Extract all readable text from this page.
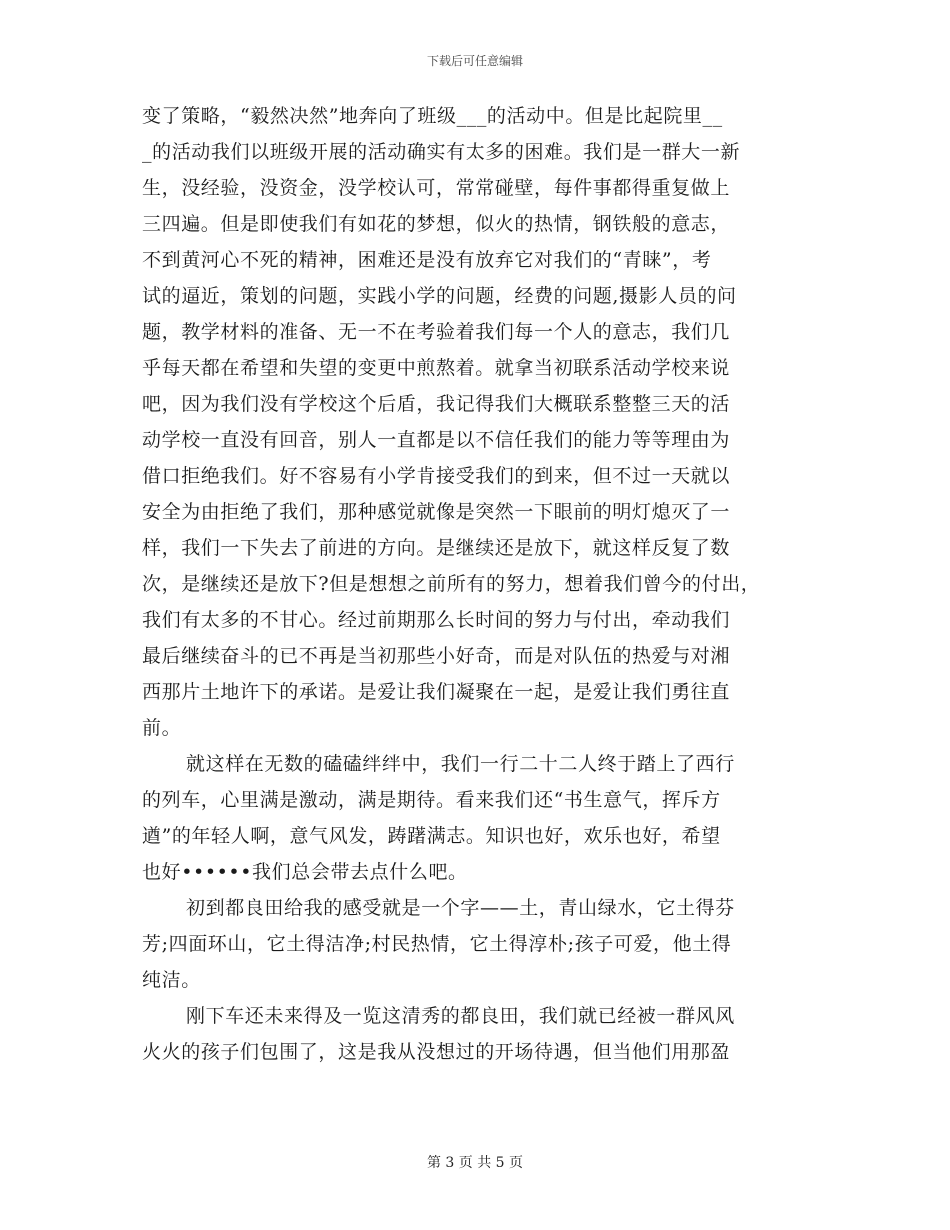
下载后可任意编辑
变了策略，“毅然决然”地奔向了班级___的活动中。但是比起院里__
_的活动我们以班级开展的活动确实有太多的困难。我们是一群大一新
生，没经验，没资金，没学校认可，常常碰壁，每件事都得重复做上
三四遍。但是即使我们有如花的梦想，似火的热情，钢铁般的意志，
不到黄河心不死的精神，困难还是没有放弃它对我们的“青睐”，考
试的逼近，策划的问题，实践小学的问题，经费的问题,摄影人员的问
题，教学材料的准备、无一不在考验着我们每一个人的意志，我们几
乎每天都在希望和失望的变更中煎熬着。就拿当初联系活动学校来说
吧，因为我们没有学校这个后盾，我记得我们大概联系整整三天的活
动学校一直没有回音，别人一直都是以不信任我们的能力等等理由为
借口拒绝我们。好不容易有小学肯接受我们的到来，但不过一天就以
安全为由拒绝了我们，那种感觉就像是突然一下眼前的明灯熄灭了一
样，我们一下失去了前进的方向。是继续还是放下，就这样反复了数
次，是继续还是放下?但是想想之前所有的努力，想着我们曾今的付出，
我们有太多的不甘心。经过前期那么长时间的努力与付出，牵动我们
最后继续奋斗的已不再是当初那些小好奇，而是对队伍的热爱与对湘
西那片土地许下的承诺。是爱让我们凝聚在一起，是爱让我们勇往直
前。
就这样在无数的磕磕绊绊中，我们一行二十二人终于踏上了西行
的列车，心里满是激动，满是期待。看来我们还“书生意气，挥斥方
遒”的年轻人啊，意气风发，踌躇满志。知识也好，欢乐也好，希望
也好••••••我们总会带去点什么吧。
初到都良田给我的感受就是一个字——土，青山绿水，它土得芬
芳;四面环山，它土得洁净;村民热情，它土得淳朴;孩子可爱，他土得
纯洁。
刚下车还未来得及一览这清秀的都良田，我们就已经被一群风风
火火的孩子们包围了，这是我从没想过的开场待遇，但当他们用那盈
第 3 页 共 5 页
